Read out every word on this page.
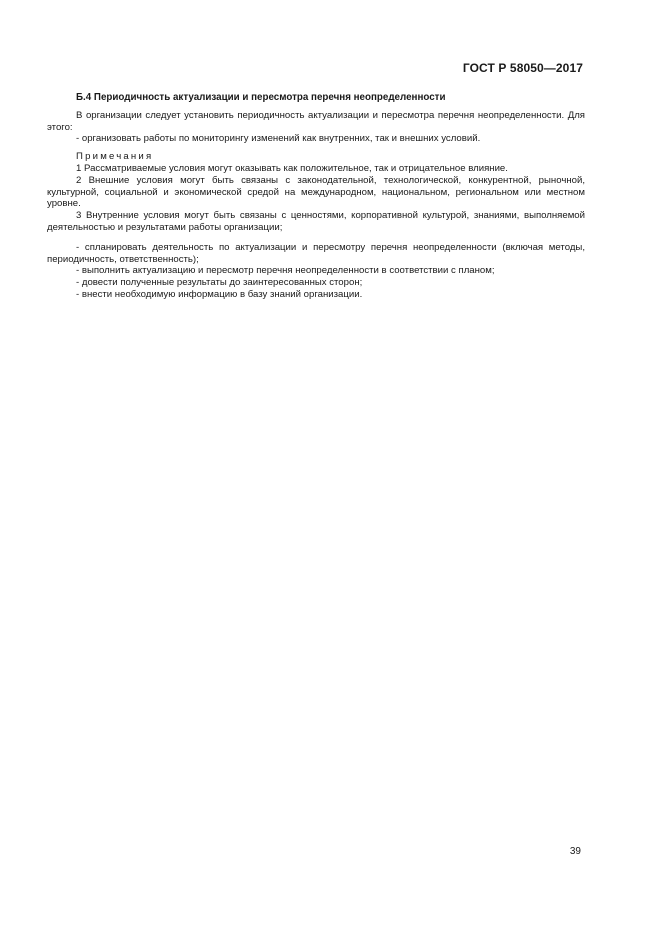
ГОСТ Р 58050—2017

Б.4 Периодичность актуализации и пересмотра перечня неопределенности

В организации следует установить периодичность актуализации и пересмотра перечня неопределенности. Для этого:

- организовать работы по мониторингу изменений как внутренних, так и внешних условий.

Примечания

1 Рассматриваемые условия могут оказывать как положительное, так и отрицательное влияние.

2 Внешние условия могут быть связаны с законодательной, технологической, конкурентной, рыночной, культурной, социальной и экономической средой на международном, национальном, региональном или местном уровне.

3 Внутренние условия могут быть связаны с ценностями, корпоративной культурой, знаниями, выполняемой деятельностью и результатами работы организации;

- спланировать деятельность по актуализации и пересмотру перечня неопределенности (включая методы, периодичность, ответственность);

- выполнить актуализацию и пересмотр перечня неопределенности в соответствии с планом;

- довести полученные результаты до заинтересованных сторон;

- внести необходимую информацию в базу знаний организации.

39
